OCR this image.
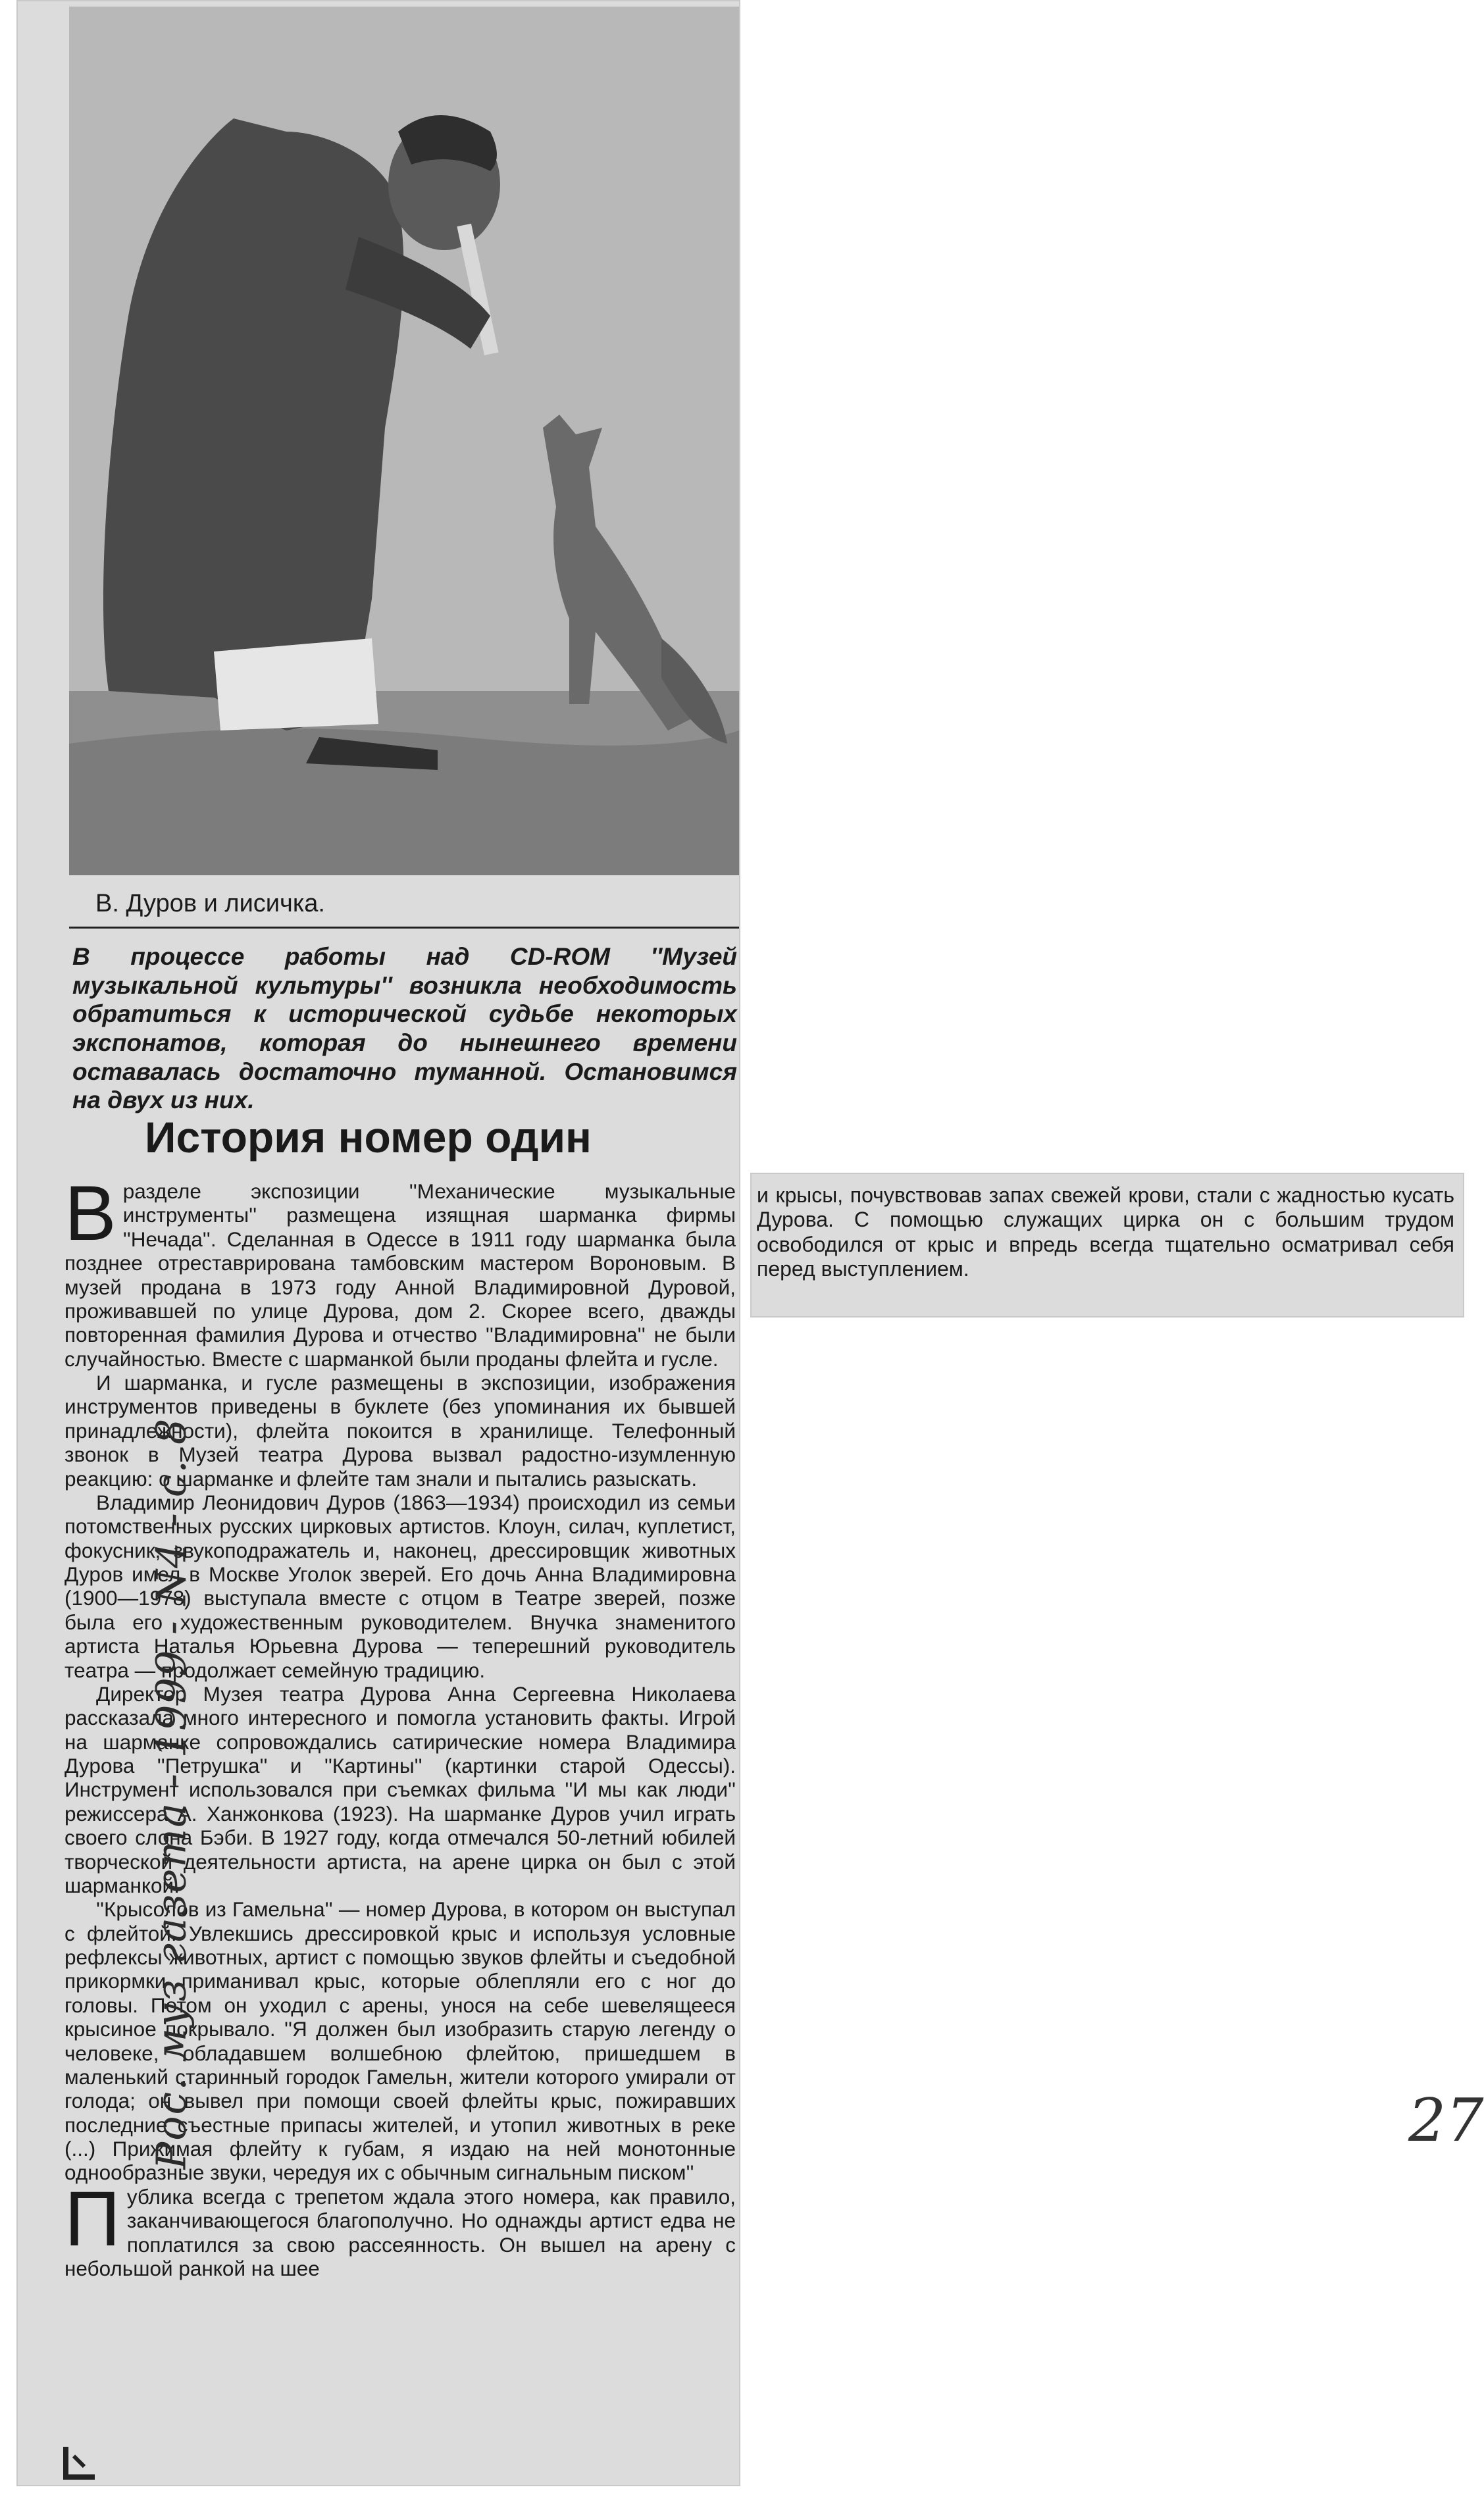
В. Дуров и лисичка.
В процессе работы над CD-ROM ''Музей музыкальной культуры'' возникла необходимость обратиться к исторической судьбе некоторых экспонатов, которая до нынешнего времени оставалась достаточно туманной. Остановимся на двух из них.
История номер один

Вразделе экспозиции ''Механические музыкальные инструменты'' размещена изящная шарманка фирмы ''Нечада''. Сделанная в Одессе в 1911 году шарманка была позднее отреставрирована тамбовским мастером Вороновым. В музей продана в 1973 году Анной Владимировной Дуровой, проживавшей по улице Дурова, дом 2. Скорее всего, дважды повторенная фамилия Дурова и отчество ''Владимировна'' не были случайностью. Вместе с шарманкой были проданы флейта и гусле.

И шарманка, и гусле размещены в экспозиции, изображения инструментов приведены в буклете (без упоминания их бывшей принадлежности), флейта покоится в хранилище. Телефонный звонок в Музей театра Дурова вызвал радостно-изумленную реакцию: о шарманке и флейте там знали и пытались разыскать.

Владимир Леонидович Дуров (1863—1934) происходил из семьи потомственных русских цирковых артистов. Клоун, силач, куплетист, фокусник, звукоподражатель и, наконец, дрессировщик животных Дуров имел в Москве Уголок зверей. Его дочь Анна Владимировна (1900—1978) выступала вместе с отцом в Театре зверей, позже была его художественным руководителем. Внучка знаменитого артиста Наталья Юрьевна Дурова — теперешний руководитель театра — продолжает семейную традицию.

Директор Музея театра Дурова Анна Сергеевна Николаева рассказала много интересного и помогла установить факты. Игрой на шарманке сопровождались сатирические номера Владимира Дурова ''Петрушка'' и ''Картины'' (картинки старой Одессы). Инструмент использовался при съемках фильма ''И мы как люди'' режиссера А. Ханжонкова (1923). На шарманке Дуров учил играть своего слона Бэби. В 1927 году, когда отмечался 50-летний юбилей творческой деятельности артиста, на арене цирка он был с этой шарманкой.

''Крысолов из Гамельна'' — номер Дурова, в котором он выступал с флейтой. Увлекшись дрессировкой крыс и используя условные рефлексы животных, артист с помощью звуков флейты и съедобной прикормки приманивал крыс, которые облепляли его с ног до головы. Потом он уходил с арены, унося на себе шевелящееся крысиное покрывало. ''Я должен был изобразить старую легенду о человеке, обладавшем волшебною флейтою, пришедшем в маленький старинный городок Гамельн, жители которого умирали от голода; он вывел при помощи своей флейты крыс, пожиравших последние съестные припасы жителей, и утопил животных в реке (...) Прижимая флейту к губам, я издаю на ней монотонные однообразные звуки, чередуя их с обычным сигнальным писком''

Публика всегда с трепетом ждала этого номера, как правило, заканчивающегося благополучно. Но однажды артист едва не поплатился за свою рассеянность. Он вышел на арену с небольшой ранкой на шее

и крысы, почувствовав запах свежей крови, стали с жадностью кусать Дурова. С помощью служащих цирка он с большим трудом освободился от крыс и впредь всегда тщательно осматривал себя перед выступлением.

Рос. муз газета - 1999 - N4 - с. 8	27
